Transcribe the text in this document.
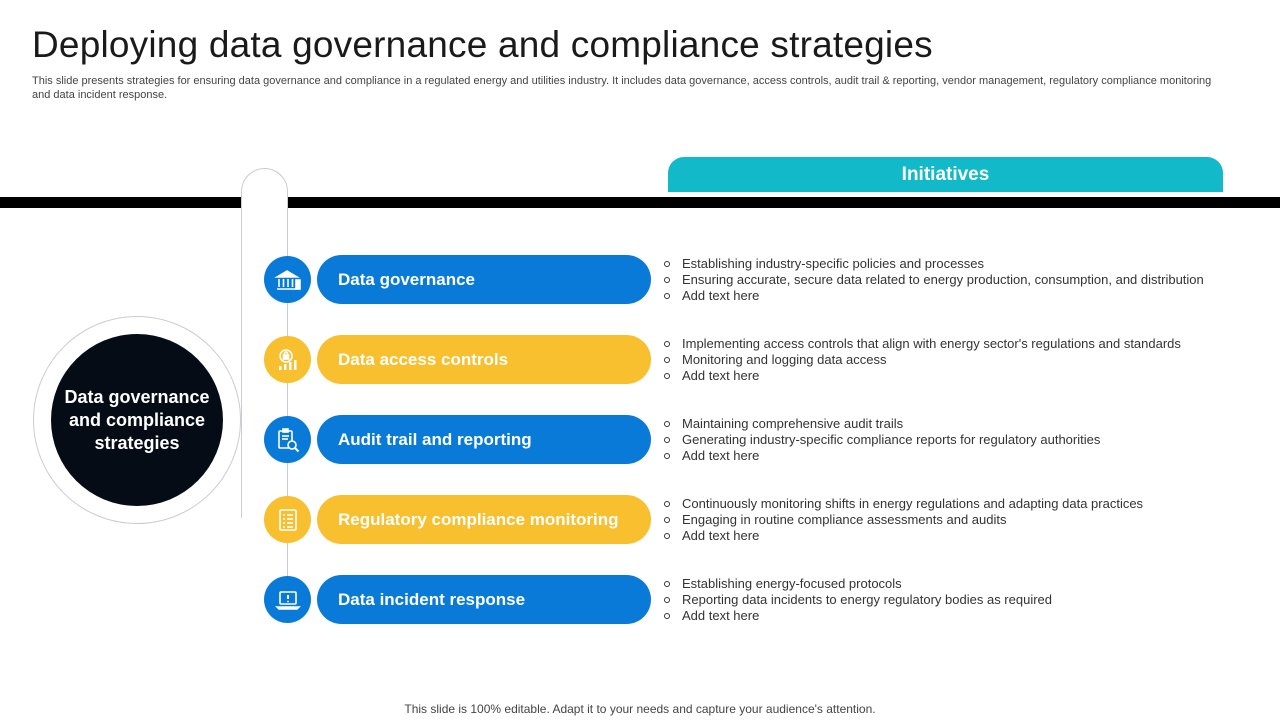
Deploying data governance and compliance strategies

This slide presents strategies for ensuring data governance and compliance in a regulated energy and utilities industry. It includes data governance, access controls, audit trail & reporting, vendor management, regulatory compliance monitoring and data incident response.

Initiatives
Data governance and compliance strategies
Data governance
Establishing industry-specific policies and processes
Ensuring accurate, secure data related to energy production, consumption, and distribution
Add text here
Data access controls
Implementing access controls that align with energy sector's regulations and standards
Monitoring and logging data access
Add text here
Audit trail and reporting
Maintaining comprehensive audit trails
Generating industry-specific compliance reports for regulatory authorities
Add text here
Regulatory compliance monitoring
Continuously monitoring shifts in energy regulations and adapting data practices
Engaging in routine compliance assessments and audits
Add text here
Data incident response
Establishing energy-focused protocols
Reporting data incidents to energy regulatory bodies as required
Add text here
This slide is 100% editable. Adapt it to your needs and capture your audience's attention.
